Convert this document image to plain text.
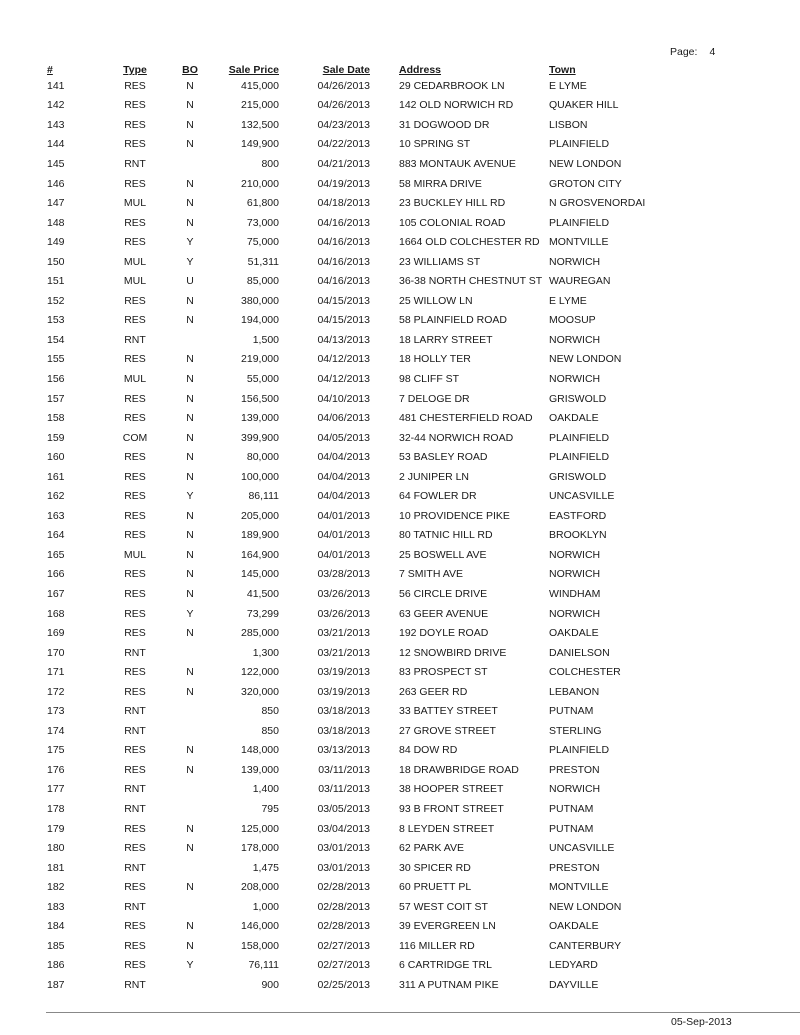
Page: 4
#	Type	BO	Sale Price	Sale Date	Address	Town
141	RES	N	415,000	04/26/2013	29 CEDARBROOK LN	E LYME
142	RES	N	215,000	04/26/2013	142 OLD NORWICH RD	QUAKER HILL
143	RES	N	132,500	04/23/2013	31 DOGWOOD DR	LISBON
144	RES	N	149,900	04/22/2013	10 SPRING ST	PLAINFIELD
145	RNT		800	04/21/2013	883 MONTAUK AVENUE	NEW LONDON
146	RES	N	210,000	04/19/2013	58 MIRRA DRIVE	GROTON CITY
147	MUL	N	61,800	04/18/2013	23 BUCKLEY HILL RD	N GROSVENORDAI
148	RES	N	73,000	04/16/2013	105 COLONIAL ROAD	PLAINFIELD
149	RES	Y	75,000	04/16/2013	1664 OLD COLCHESTER RD	MONTVILLE
150	MUL	Y	51,311	04/16/2013	23 WILLIAMS ST	NORWICH
151	MUL	U	85,000	04/16/2013	36-38 NORTH CHESTNUT ST	WAUREGAN
152	RES	N	380,000	04/15/2013	25 WILLOW LN	E LYME
153	RES	N	194,000	04/15/2013	58 PLAINFIELD ROAD	MOOSUP
154	RNT		1,500	04/13/2013	18 LARRY STREET	NORWICH
155	RES	N	219,000	04/12/2013	18 HOLLY TER	NEW LONDON
156	MUL	N	55,000	04/12/2013	98 CLIFF ST	NORWICH
157	RES	N	156,500	04/10/2013	7 DELOGE DR	GRISWOLD
158	RES	N	139,000	04/06/2013	481 CHESTERFIELD ROAD	OAKDALE
159	COM	N	399,900	04/05/2013	32-44 NORWICH ROAD	PLAINFIELD
160	RES	N	80,000	04/04/2013	53 BASLEY ROAD	PLAINFIELD
161	RES	N	100,000	04/04/2013	2 JUNIPER LN	GRISWOLD
162	RES	Y	86,111	04/04/2013	64 FOWLER DR	UNCASVILLE
163	RES	N	205,000	04/01/2013	10 PROVIDENCE PIKE	EASTFORD
164	RES	N	189,900	04/01/2013	80 TATNIC HILL RD	BROOKLYN
165	MUL	N	164,900	04/01/2013	25 BOSWELL AVE	NORWICH
166	RES	N	145,000	03/28/2013	7 SMITH AVE	NORWICH
167	RES	N	41,500	03/26/2013	56 CIRCLE DRIVE	WINDHAM
168	RES	Y	73,299	03/26/2013	63 GEER AVENUE	NORWICH
169	RES	N	285,000	03/21/2013	192 DOYLE ROAD	OAKDALE
170	RNT		1,300	03/21/2013	12 SNOWBIRD DRIVE	DANIELSON
171	RES	N	122,000	03/19/2013	83 PROSPECT ST	COLCHESTER
172	RES	N	320,000	03/19/2013	263 GEER RD	LEBANON
173	RNT		850	03/18/2013	33 BATTEY STREET	PUTNAM
174	RNT		850	03/18/2013	27 GROVE STREET	STERLING
175	RES	N	148,000	03/13/2013	84 DOW RD	PLAINFIELD
176	RES	N	139,000	03/11/2013	18 DRAWBRIDGE ROAD	PRESTON
177	RNT		1,400	03/11/2013	38 HOOPER STREET	NORWICH
178	RNT		795	03/05/2013	93 B FRONT STREET	PUTNAM
179	RES	N	125,000	03/04/2013	8 LEYDEN STREET	PUTNAM
180	RES	N	178,000	03/01/2013	62 PARK AVE	UNCASVILLE
181	RNT		1,475	03/01/2013	30 SPICER RD	PRESTON
182	RES	N	208,000	02/28/2013	60 PRUETT PL	MONTVILLE
183	RNT		1,000	02/28/2013	57 WEST COIT ST	NEW LONDON
184	RES	N	146,000	02/28/2013	39 EVERGREEN LN	OAKDALE
185	RES	N	158,000	02/27/2013	116 MILLER RD	CANTERBURY
186	RES	Y	76,111	02/27/2013	6 CARTRIDGE TRL	LEDYARD
187	RNT		900	02/25/2013	311 A PUTNAM PIKE	DAYVILLE
05-Sep-2013
